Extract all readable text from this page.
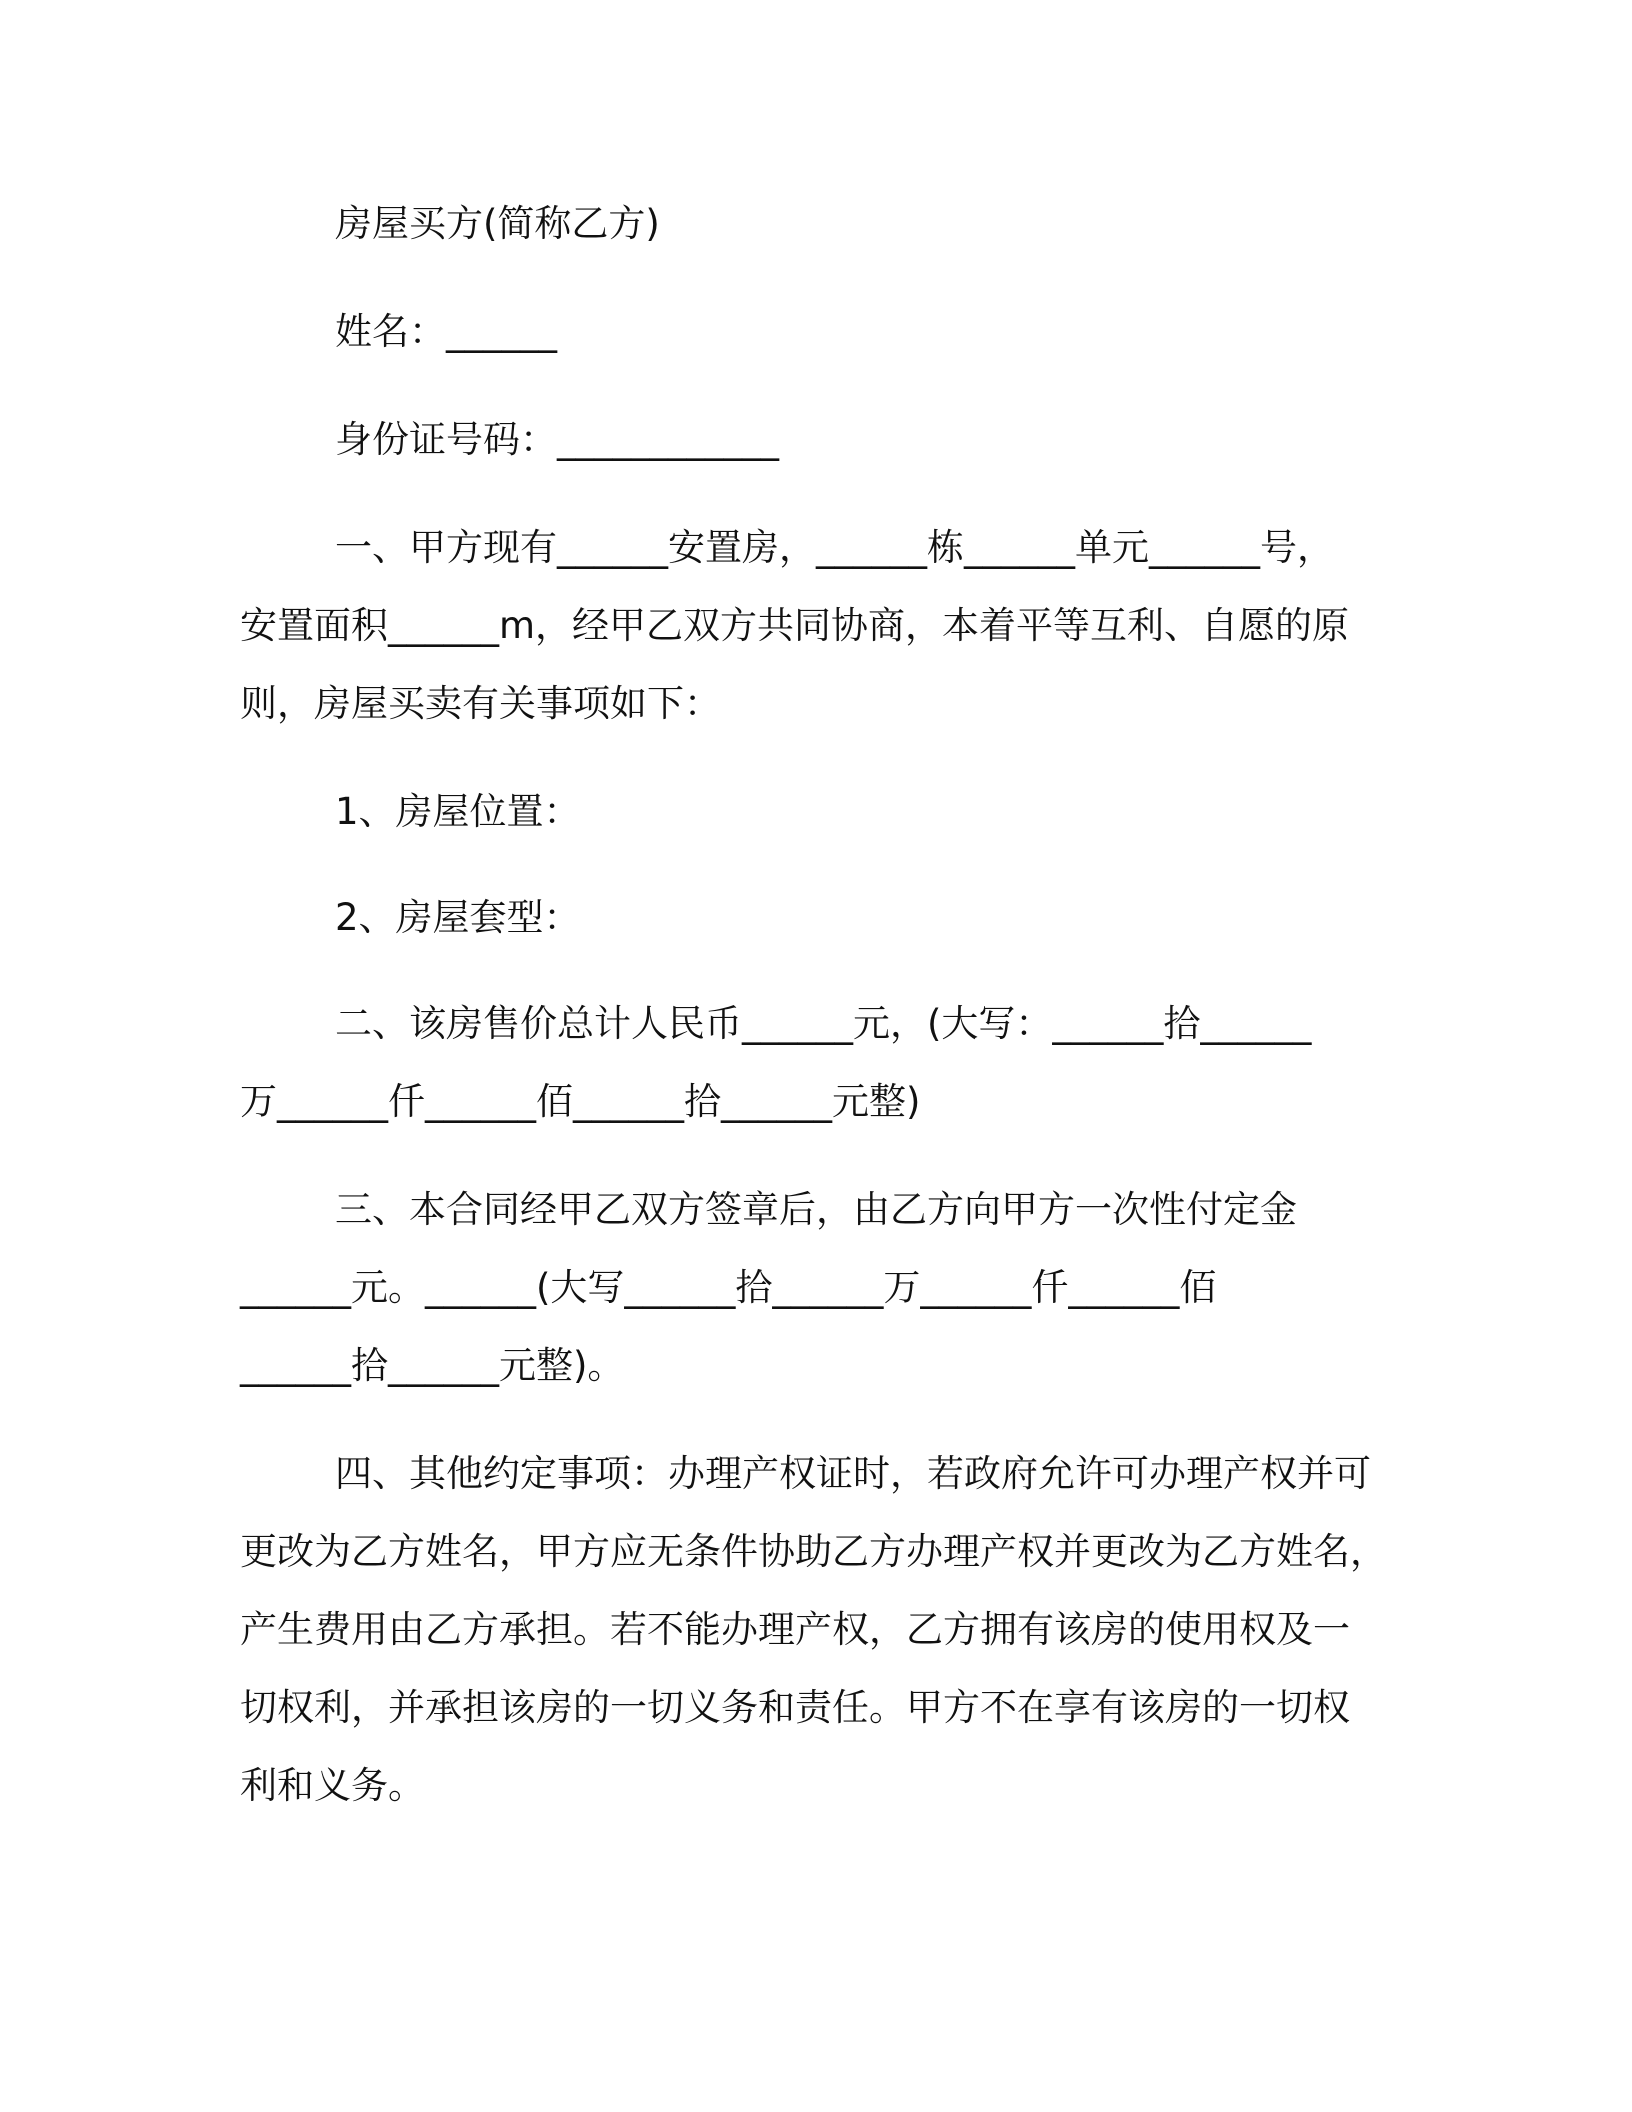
房屋买方(简称乙方)

姓名：______

身份证号码：____________

一、甲方现有______安置房，______栋______单元______号，

安置面积______m，经甲乙双方共同协商，本着平等互利、自愿的原

则，房屋买卖有关事项如下：

1、房屋位置：

2、房屋套型：

二、该房售价总计人民币______元，(大写：______拾______

万______仟______佰______拾______元整)

三、本合同经甲乙双方签章后，由乙方向甲方一次性付定金

______元。______(大写______拾______万______仟______佰

______拾______元整)。

四、其他约定事项：办理产权证时，若政府允许可办理产权并可

更改为乙方姓名，甲方应无条件协助乙方办理产权并更改为乙方姓名，

产生费用由乙方承担。若不能办理产权，乙方拥有该房的使用权及一

切权利，并承担该房的一切义务和责任。甲方不在享有该房的一切权

利和义务。
